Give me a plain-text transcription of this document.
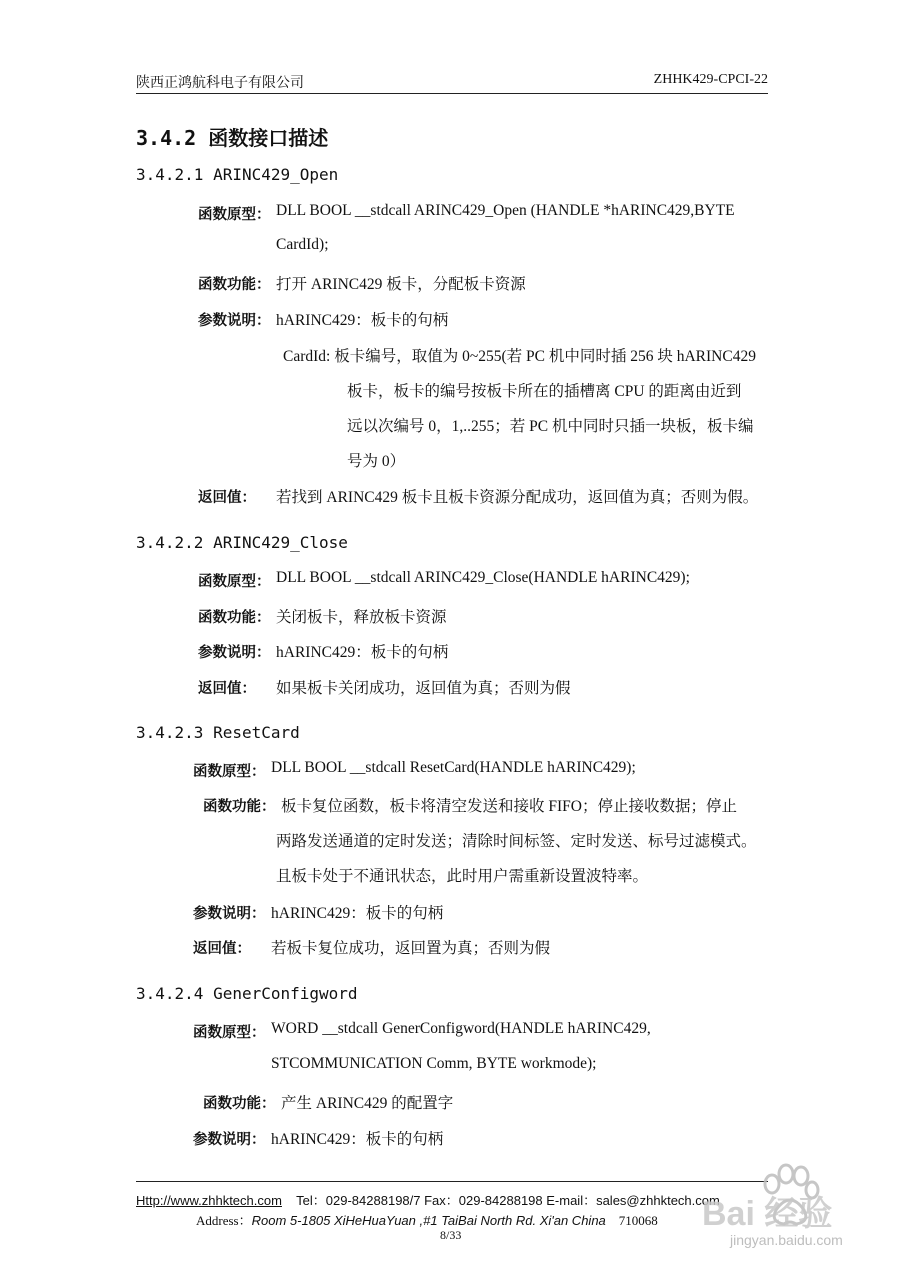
陕西正鸿航科电子有限公司	ZHHK429-CPCI-22
3.4.2 函数接口描述
3.4.2.1 ARINC429_Open
函数原型： DLL BOOL __stdcall ARINC429_Open (HANDLE *hARINC429,BYTE
CardId);
函数功能： 打开 ARINC429 板卡，分配板卡资源
参数说明： hARINC429：板卡的句柄
CardId: 板卡编号，取值为 0~255(若 PC 机中同时插 256 块 hARINC429
板卡，板卡的编号按板卡所在的插槽离 CPU 的距离由近到
远以次编号 0，1,..255；若 PC 机中同时只插一块板，板卡编
号为 0）
返回值： 若找到 ARINC429 板卡且板卡资源分配成功，返回值为真；否则为假。
3.4.2.2 ARINC429_Close
函数原型： DLL BOOL __stdcall ARINC429_Close(HANDLE hARINC429);
函数功能： 关闭板卡，释放板卡资源
参数说明： hARINC429：板卡的句柄
返回值： 如果板卡关闭成功，返回值为真；否则为假
3.4.2.3 ResetCard
函数原型： DLL BOOL __stdcall ResetCard(HANDLE hARINC429);
函数功能： 板卡复位函数，板卡将清空发送和接收 FIFO；停止接收数据；停止
两路发送通道的定时发送；清除时间标签、定时发送、标号过滤模式。
且板卡处于不通讯状态，此时用户需重新设置波特率。
参数说明： hARINC429：板卡的句柄
返回值： 若板卡复位成功，返回置为真；否则为假
3.4.2.4 GenerConfigword
函数原型： WORD __stdcall GenerConfigword(HANDLE hARINC429,
STCOMMUNICATION Comm, BYTE workmode);
函数功能： 产生 ARINC429 的配置字
参数说明： hARINC429：板卡的句柄
Http://www.zhhktech.com Tel：029-84288198/7 Fax：029-84288198 E-mail：sales@zhhktech.com
Address：Room 5-1805 XiHeHuaYuan ,#1 TaiBai North Rd. Xi'an China 710068
8/33
Bai 经验
jingyan.baidu.com
